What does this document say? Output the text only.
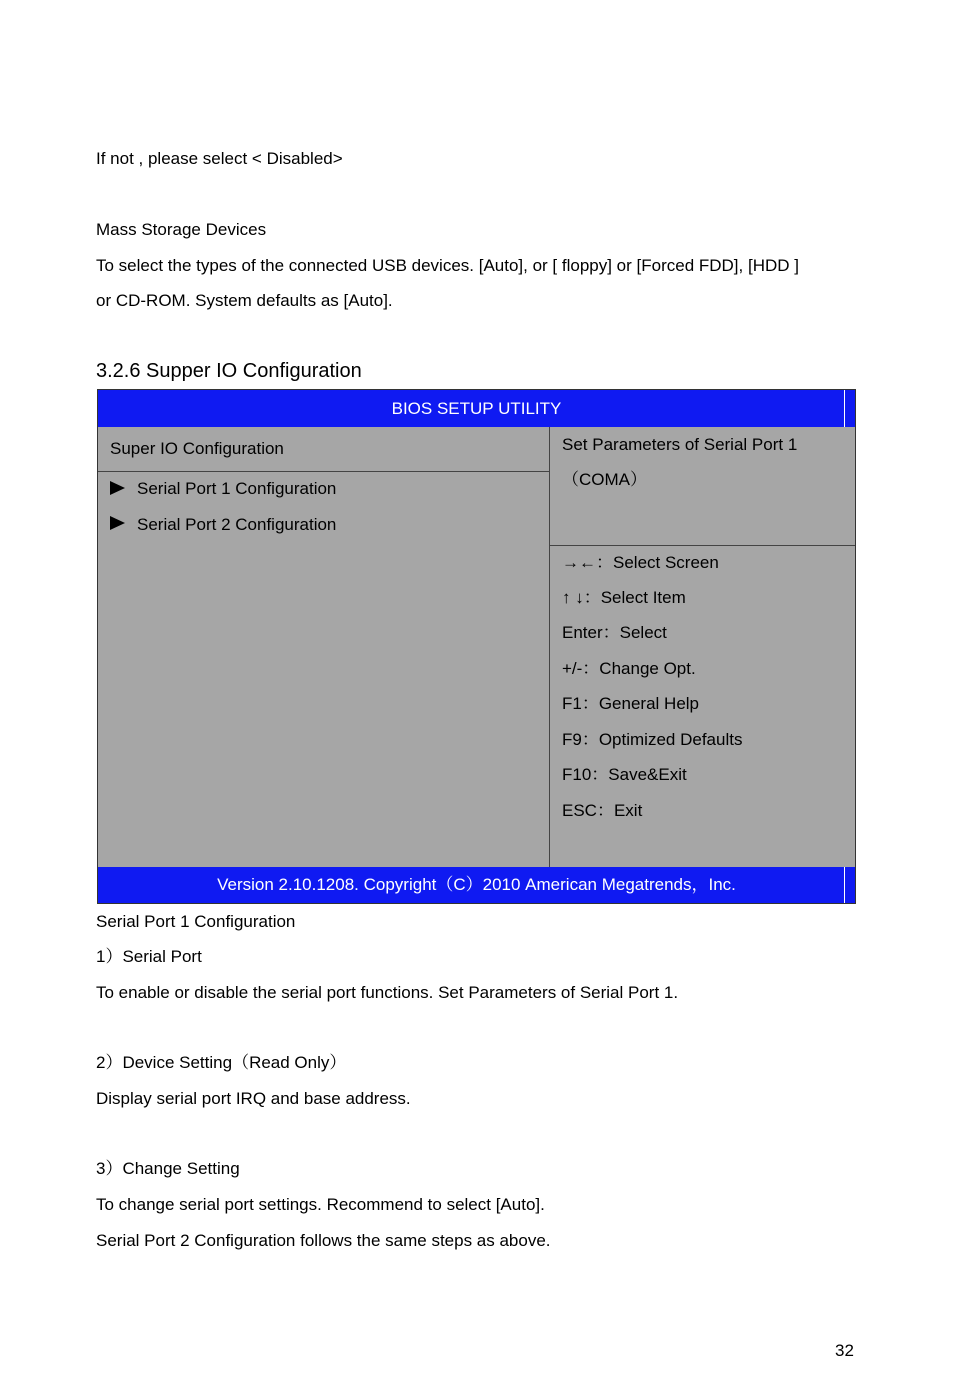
If not , please select < Disabled>
Mass Storage Devices
To select the types of the connected USB devices. [Auto], or [ floppy] or [Forced FDD], [HDD ]
or CD-ROM. System defaults as [Auto].
3.2.6 Supper IO Configuration
BIOS SETUP UTILITY
Super IO Configuration
Serial Port 1 Configuration
Serial Port 2 Configuration
Set Parameters of Serial Port 1
（COMA）
→←：Select Screen
↑ ↓：Select Item
Enter：Select
+/-：Change Opt.
F1：General Help
F9：Optimized Defaults
F10：Save&Exit
ESC：Exit
Version 2.10.1208. Copyright（C）2010 American Megatrends，Inc.
Serial Port 1 Configuration
1）Serial Port
To enable or disable the serial port functions. Set Parameters of Serial Port 1.
2）Device Setting（Read Only）
Display serial port IRQ and base address.
3）Change Setting
To change serial port settings. Recommend to select [Auto].
Serial Port 2 Configuration follows the same steps as above.
32
